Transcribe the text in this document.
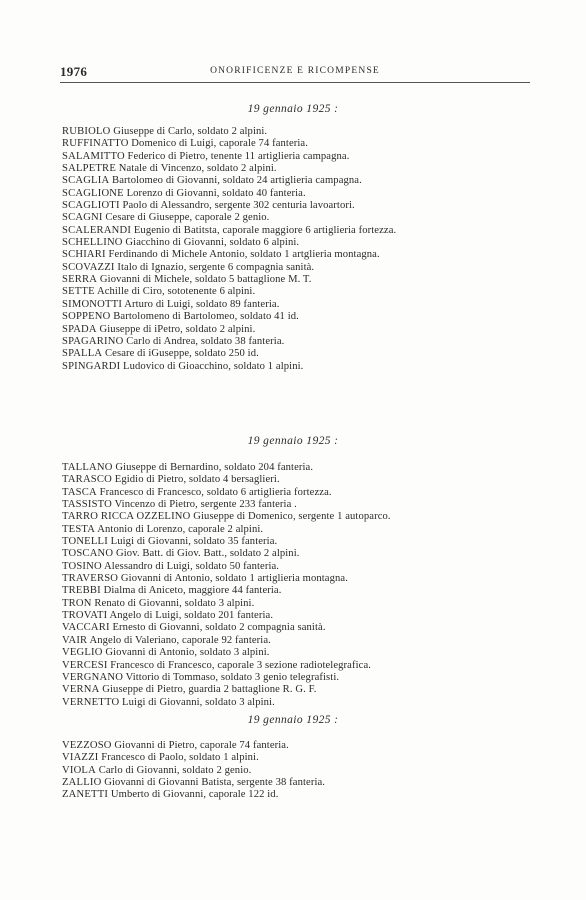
1976	ONORIFICENZE E RICOMPENSE
19 gennaio 1925 :
RUBIOLO Giuseppe di Carlo, soldato 2 alpini.
RUFFINATTO Domenico di Luigi, caporale 74 fanteria.
SALAMITTO Federico di Pietro, tenente 11 artiglieria campagna.
SALPETRE Natale di Vincenzo, soldato 2 alpini.
SCAGLIA Bartolomeo di Giovanni, soldato 24 artiglieria campagna.
SCAGLIONE Lorenzo di Giovanni, soldato 40 fanteria.
SCAGLIOTI Paolo di Alessandro, sergente 302 centuria lavoartori.
SCAGNI Cesare di Giuseppe, caporale 2 genio.
SCALERANDI Eugenio di Batitsta, caporale maggiore 6 artiglieria fortezza.
SCHELLINO Giacchino di Giovanni, soldato 6 alpini.
SCHIARI Ferdinando di Michele Antonio, soldato 1 artglieria montagna.
SCOVAZZI Italo di Ignazio, sergente 6 compagnia sanità.
SERRA Giovanni di Michele, soldato 5 battaglione M. T.
SETTE Achille di Ciro, sototenente 6 alpini.
SIMONOTTI Arturo di Luigi, soldato 89 fanteria.
SOPPENO Bartolomeno di Bartolomeo, soldato 41 id.
SPADA Giuseppe di iPetro, soldato 2 alpini.
SPAGARINO Carlo di Andrea, soldato 38 fanteria.
SPALLA Cesare di iGuseppe, soldato 250 id.
SPINGARDI Ludovico di Gioacchino, soldato 1 alpini.
19 gennaio 1925 :
TALLANO Giuseppe di Bernardino, soldato 204 fanteria.
TARASCO Egidio di Pietro, soldato 4 bersaglieri.
TASCA Francesco di Francesco, soldato 6 artiglieria fortezza.
TASSISTO Vincenzo di Pietro, sergente 233 fanteria .
TARRO RICCA OZZELINO Giuseppe di Domenico, sergente 1 autoparco.
TESTA Antonio di Lorenzo, caporale 2 alpini.
TONELLI Luigi di Giovanni, soldato 35 fanteria.
TOSCANO Giov. Batt. di Giov. Batt., soldato 2 alpini.
TOSINO Alessandro di Luigi, soldato 50 fanteria.
TRAVERSO Giovanni di Antonio, soldato 1 artiglieria montagna.
TREBBI Dialma di Aniceto, maggiore 44 fanteria.
TRON Renato di Giovanni, soldato 3 alpini.
TROVATI Angelo di Luigi, soldato 201 fanteria.
VACCARI Ernesto di Giovanni, soldato 2 compagnia sanità.
VAIR Angelo di Valeriano, caporale 92 fanteria.
VEGLIO Giovanni di Antonio, soldato 3 alpini.
VERCESI Francesco di Francesco, caporale 3 sezione radiotelegrafica.
VERGNANO Vittorio di Tommaso, soldato 3 genio telegrafisti.
VERNA Giuseppe di Pietro, guardia 2 battaglione R. G. F.
VERNETTO Luigi di Giovanni, soldato 3 alpini.
19 gennaio 1925 :
VEZZOSO Giovanni di Pietro, caporale 74 fanteria.
VIAZZI Francesco di Paolo, soldato 1 alpini.
VIOLA Carlo di Giovanni, soldato 2 genio.
ZALLIO Giovanni di Giovanni Batista, sergente 38 fanteria.
ZANETTI Umberto di Giovanni, caporale 122 id.
